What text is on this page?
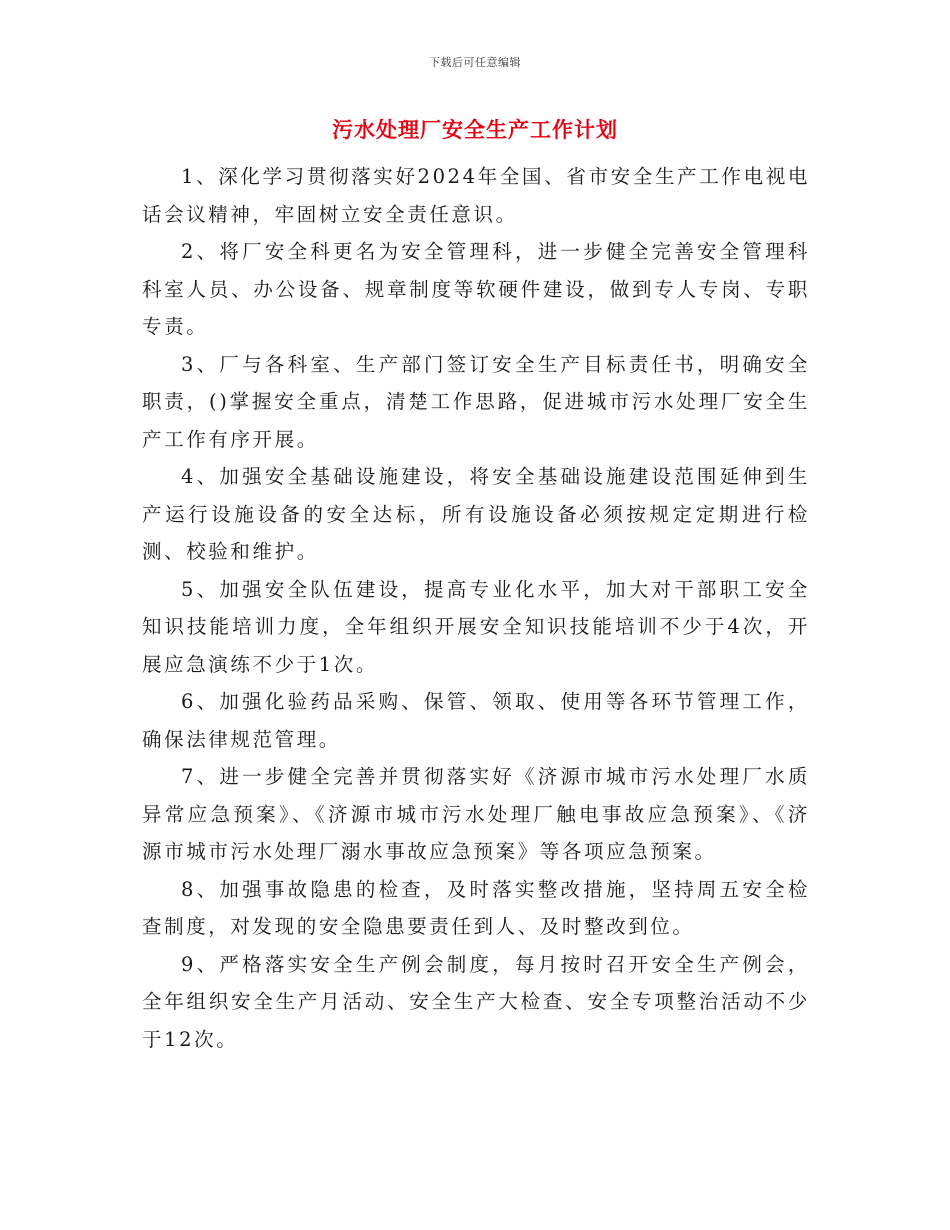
下载后可任意编辑
污水处理厂安全生产工作计划

1、深化学习贯彻落实好2024年全国、省市安全生产工作电视电话会议精神，牢固树立安全责任意识。

2、将厂安全科更名为安全管理科，进一步健全完善安全管理科科室人员、办公设备、规章制度等软硬件建设，做到专人专岗、专职专责。

3、厂与各科室、生产部门签订安全生产目标责任书，明确安全职责，()掌握安全重点，清楚工作思路，促进城市污水处理厂安全生产工作有序开展。

4、加强安全基础设施建设，将安全基础设施建设范围延伸到生产运行设施设备的安全达标，所有设施设备必须按规定定期进行检测、校验和维护。

5、加强安全队伍建设，提高专业化水平，加大对干部职工安全知识技能培训力度，全年组织开展安全知识技能培训不少于4次，开展应急演练不少于1次。

6、加强化验药品采购、保管、领取、使用等各环节管理工作，确保法律规范管理。

7、进一步健全完善并贯彻落实好《济源市城市污水处理厂水质异常应急预案》、《济源市城市污水处理厂触电事故应急预案》、《济源市城市污水处理厂溺水事故应急预案》等各项应急预案。

8、加强事故隐患的检查，及时落实整改措施，坚持周五安全检查制度，对发现的安全隐患要责任到人、及时整改到位。

9、严格落实安全生产例会制度，每月按时召开安全生产例会，全年组织安全生产月活动、安全生产大检查、安全专项整治活动不少于12次。
